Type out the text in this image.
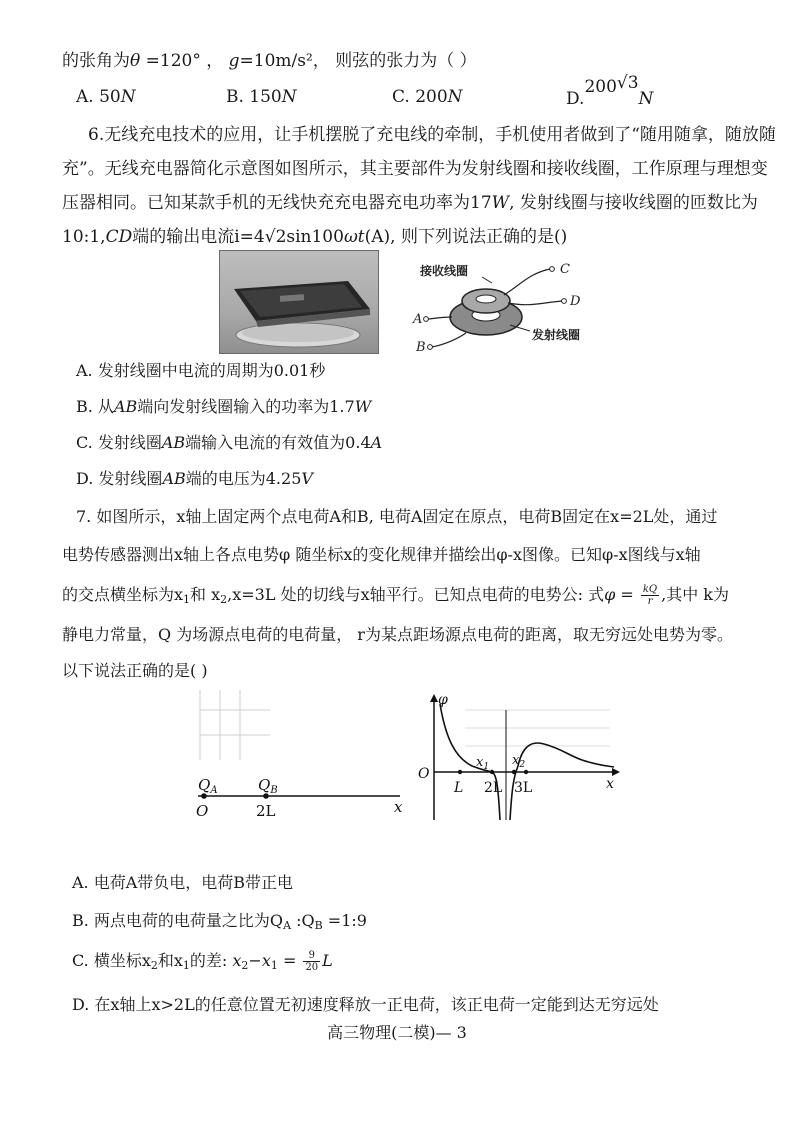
的张角为θ =120° ， g=10m/s²， 则弦的张力为（ ）
A. 50N	B. 150N	C. 200N	D.200√3N
6.无线充电技术的应用，让手机摆脱了充电线的牵制，手机使用者做到了“随用随拿，随放随
充”。无线充电器简化示意图如图所示，其主要部件为发射线圈和接收线圈，工作原理与理想变
压器相同。已知某款手机的无线快充充电器充电功率为17W, 发射线圈与接收线圈的匝数比为
10:1,CD端的输出电流i=4√2sin100ωt(A), 则下列说法正确的是()
接收线圈
发射线圈
C
D
A
B
A. 发射线圈中电流的周期为0.01秒
B. 从AB端向发射线圈输入的功率为1.7W
C. 发射线圈AB端输入电流的有效值为0.4A
D. 发射线圈AB端的电压为4.25V
7. 如图所示，x轴上固定两个点电荷A和B, 电荷A固定在原点，电荷B固定在x=2L处，通过
电势传感器测出x轴上各点电势φ 随坐标x的变化规律并描绘出φ-x图像。已知φ-x图线与x轴
的交点横坐标为$x_1$和 $x_2,x=3L$ 处的切线与x轴平行。已知点电荷的电势公: 式$\varphi = \frac{kQ}{r}$ ,其中 k为
静电力常量，Q 为场源点电荷的电荷量， r为某点距场源点电荷的距离，取无穷远处电势为零。
以下说法正确的是( )
$Q_A$	$Q_B$
O	2L	x
φ
O
L 2L 3L
$x_1$ $x_2$
x
A. 电荷A带负电，电荷B带正电
B. 两点电荷的电荷量之比为$Q_A$ $:Q_B$ =1:9
C. 横坐标$x_2$和$x_1$的差: $x_2-x_1 = \frac{9}{20}$ L
D. 在x轴上x>2L的任意位置无初速度释放一正电荷，该正电荷一定能到达无穷远处
高三物理(二模)— 3
